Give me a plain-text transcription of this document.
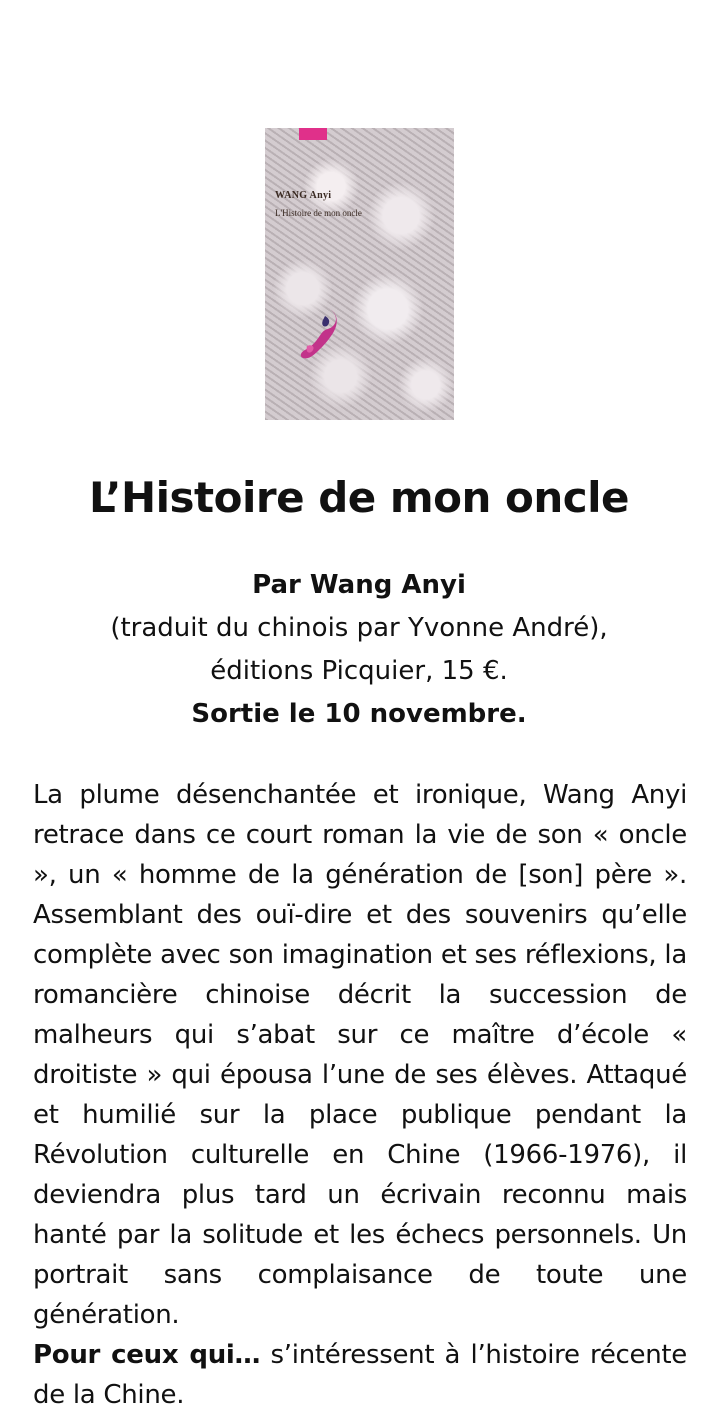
WANG Anyi
L'Histoire de mon oncle
L’Histoire de mon oncle
Par Wang Anyi
(traduit du chinois par Yvonne André),
éditions Picquier, 15 €.
Sortie le 10 novembre.

La plume désenchantée et ironique, Wang Anyi retrace dans ce court roman la vie de son « oncle », un « homme de la génération de [son] père ». Assemblant des ouï-dire et des souvenirs qu’elle complète avec son imagination et ses réflexions, la romancière chinoise décrit la succession de malheurs qui s’abat sur ce maître d’école « droitiste » qui épousa l’une de ses élèves. Attaqué et humilié sur la place publique pendant la Révolution culturelle en Chine (1966-1976), il deviendra plus tard un écrivain reconnu mais hanté par la solitude et les échecs personnels. Un portrait sans complaisance de toute une génération.
Pour ceux qui… s’intéressent à l’histoire récente de la Chine.
